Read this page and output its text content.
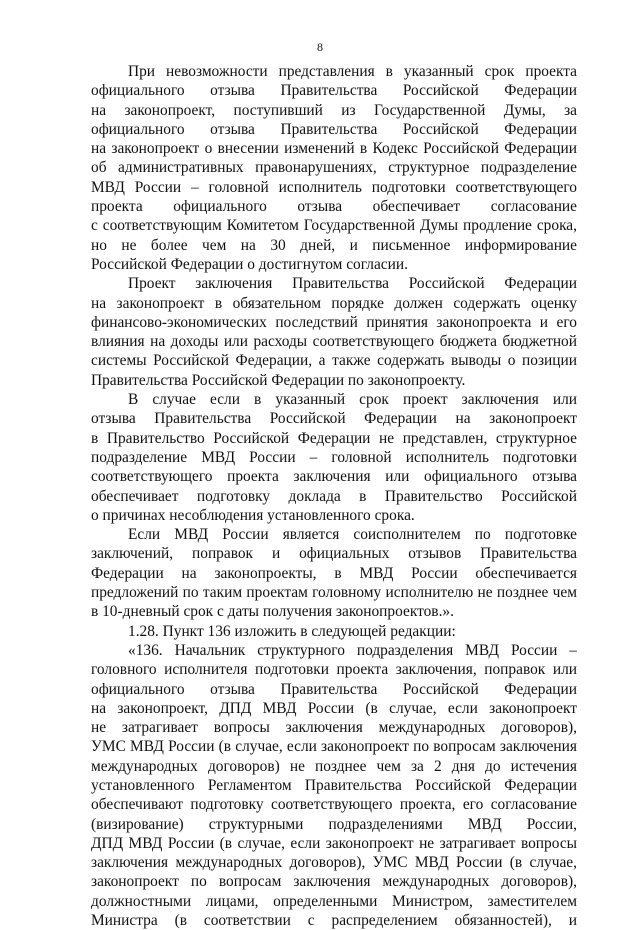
8
При невозможности представления в указанный срок проекта
официального отзыва Правительства Российской Федерации
на законопроект, поступивший из Государственной Думы, за
официального отзыва Правительства Российской Федерации
на законопроект о внесении изменений в Кодекс Российской Федерации
об административных правонарушениях, структурное подразделение
МВД России – головной исполнитель подготовки соответствующего
проекта официального отзыва обеспечивает согласование
с соответствующим Комитетом Государственной Думы продление срока,
но не более чем на 30 дней, и письменное информирование
Российской Федерации о достигнутом согласии.
Проект заключения Правительства Российской Федерации
на законопроект в обязательном порядке должен содержать оценку
финансово-экономических последствий принятия законопроекта и его
влияния на доходы или расходы соответствующего бюджета бюджетной
системы Российской Федерации, а также содержать выводы о позиции
Правительства Российской Федерации по законопроекту.
В случае если в указанный срок проект заключения или
отзыва Правительства Российской Федерации на законопроект
в Правительство Российской Федерации не представлен, структурное
подразделение МВД России – головной исполнитель подготовки
соответствующего проекта заключения или официального отзыва
обеспечивает подготовку доклада в Правительство Российской
о причинах несоблюдения установленного срока.
Если МВД России является соисполнителем по подготовке
заключений, поправок и официальных отзывов Правительства
Федерации на законопроекты, в МВД России обеспечивается
предложений по таким проектам головному исполнителю не позднее чем
в 10-дневный срок с даты получения законопроектов.».
1.28. Пункт 136 изложить в следующей редакции:
«136. Начальник структурного подразделения МВД России –
головного исполнителя подготовки проекта заключения, поправок или
официального отзыва Правительства Российской Федерации
на законопроект, ДПД МВД России (в случае, если законопроект
не затрагивает вопросы заключения международных договоров),
УМС МВД России (в случае, если законопроект по вопросам заключения
международных договоров) не позднее чем за 2 дня до истечения
установленного Регламентом Правительства Российской Федерации
обеспечивают подготовку соответствующего проекта, его согласование
(визирование) структурными подразделениями МВД России,
ДПД МВД России (в случае, если законопроект не затрагивает вопросы
заключения международных договоров), УМС МВД России (в случае,
законопроект по вопросам заключения международных договоров),
должностными лицами, определенными Министром, заместителем
Министра (в соответствии с распределением обязанностей), и
